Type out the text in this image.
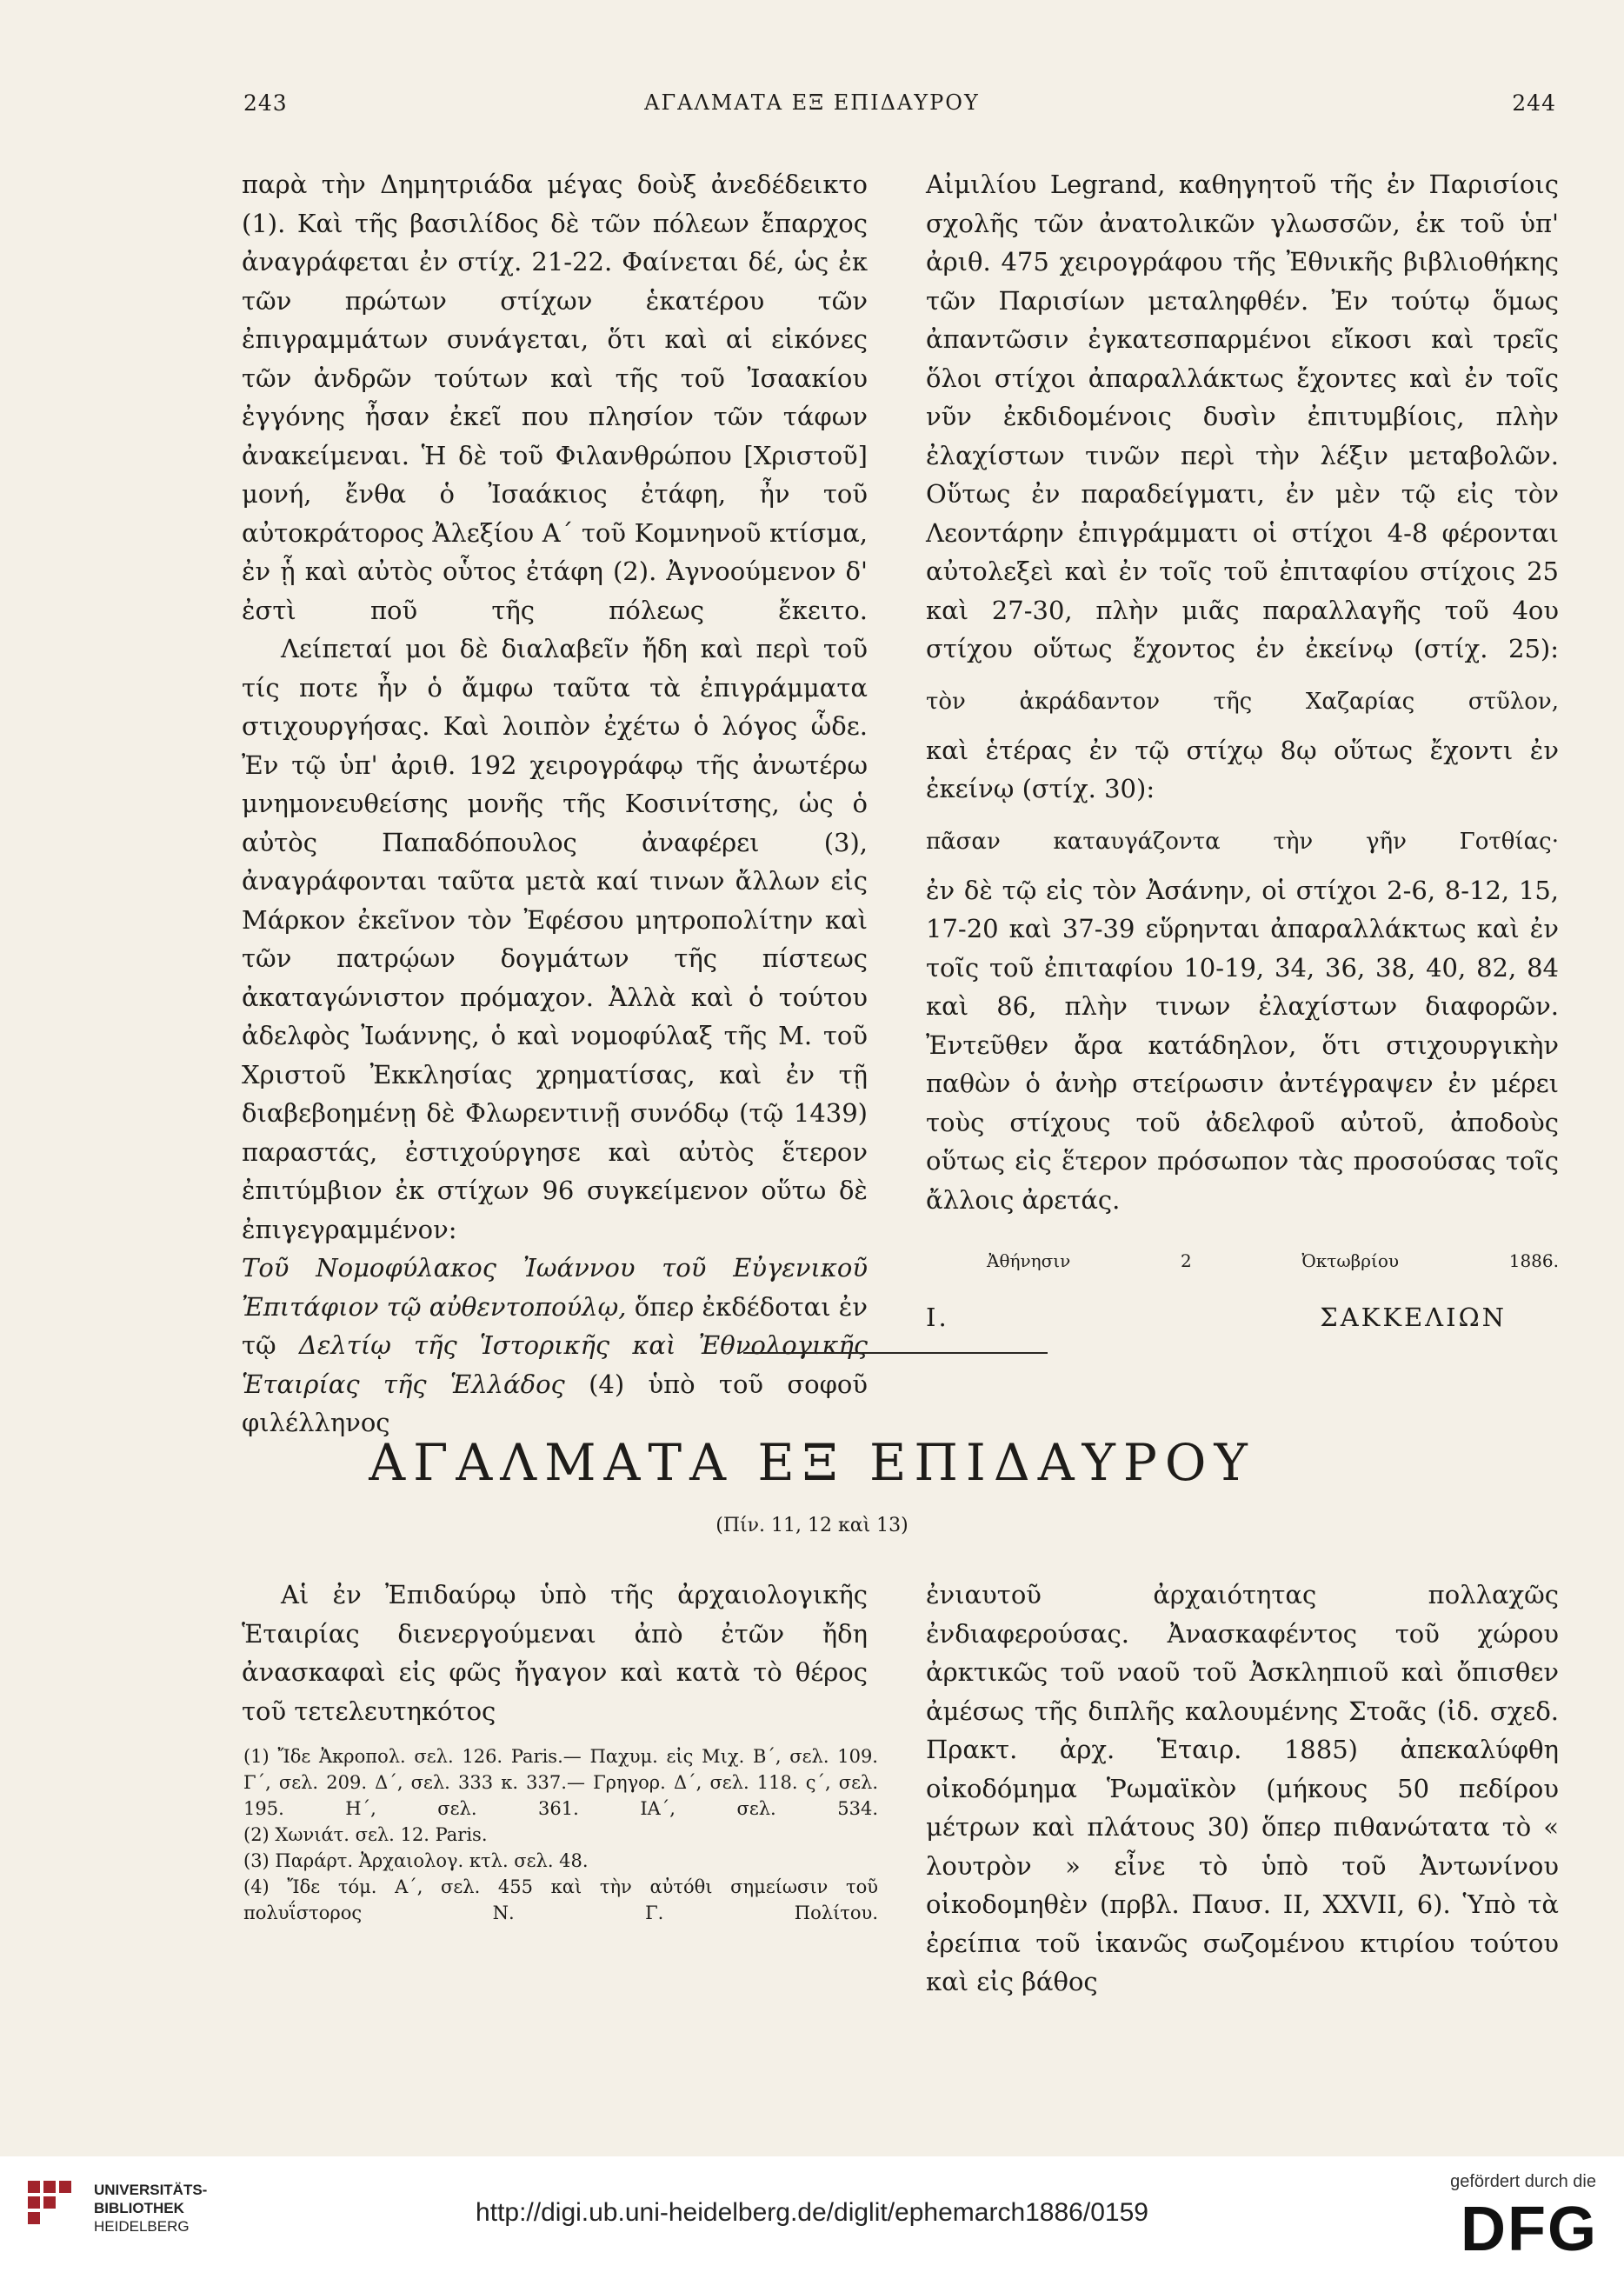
243	ΑΓΑΛΜΑΤΑ ΕΞ ΕΠΙΔΑΥΡΟΥ	244

παρὰ τὴν Δημητριάδα μέγας δοὺξ ἀνεδέδεικτο (1). Καὶ τῆς βασιλίδος δὲ τῶν πόλεων ἔπαρχος ἀναγράφεται ἐν στίχ. 21-22. Φαίνεται δέ, ὡς ἐκ τῶν πρώτων στίχων ἑκατέρου τῶν ἐπιγραμμάτων συνάγεται, ὅτι καὶ αἱ εἰκόνες τῶν ἀνδρῶν τούτων καὶ τῆς τοῦ Ἰσαακίου ἐγγόνης ἦσαν ἐκεῖ που πλησίον τῶν τάφων ἀνακείμεναι. Ἡ δὲ τοῦ Φιλανθρώπου [Χριστοῦ] μονή, ἔνθα ὁ Ἰσαάκιος ἐτάφη, ἦν τοῦ αὐτοκράτορος Ἀλεξίου Α΄ τοῦ Κομνηνοῦ κτίσμα, ἐν ᾗ καὶ αὐτὸς οὗτος ἐτάφη (2). Ἀγνοούμενον δ' ἐστὶ ποῦ τῆς πόλεως ἔκειτο.

Λείπεταί μοι δὲ διαλαβεῖν ἤδη καὶ περὶ τοῦ τίς ποτε ἦν ὁ ἄμφω ταῦτα τὰ ἐπιγράμματα στιχουργήσας. Καὶ λοιπὸν ἐχέτω ὁ λόγος ὧδε. Ἐν τῷ ὑπ' ἀριθ. 192 χειρογράφῳ τῆς ἀνωτέρω μνημονευθείσης μονῆς τῆς Κοσινίτσης, ὡς ὁ αὐτὸς Παπαδόπουλος ἀναφέρει (3), ἀναγράφονται ταῦτα μετὰ καί τινων ἄλλων εἰς Μάρκον ἐκεῖνον τὸν Ἐφέσου μητροπολίτην καὶ τῶν πατρῴων δογμάτων τῆς πίστεως ἀκαταγώνιστον πρόμαχον. Ἀλλὰ καὶ ὁ τούτου ἀδελφὸς Ἰωάννης, ὁ καὶ νομοφύλαξ τῆς Μ. τοῦ Χριστοῦ Ἐκκλησίας χρηματίσας, καὶ ἐν τῇ διαβεβοημένῃ δὲ Φλωρεντινῇ συνόδῳ (τῷ 1439) παραστάς, ἐστιχούργησε καὶ αὐτὸς ἕτερον ἐπιτύμβιον ἐκ στίχων 96 συγκείμενον οὕτω δὲ ἐπιγεγραμμένον:

Τοῦ Νομοφύλακος Ἰωάννου τοῦ Εὐγενικοῦ Ἐπιτάφιον τῷ αὐθεντοπούλῳ, ὅπερ ἐκδέδοται ἐν τῷ Δελτίῳ τῆς Ἱστορικῆς καὶ Ἐθνολογικῆς Ἑταιρίας τῆς Ἑλλάδος (4) ὑπὸ τοῦ σοφοῦ φιλέλληνος

Αἰμιλίου Legrand, καθηγητοῦ τῆς ἐν Παρισίοις σχολῆς τῶν ἀνατολικῶν γλωσσῶν, ἐκ τοῦ ὑπ' ἀριθ. 475 χειρογράφου τῆς Ἐθνικῆς βιβλιοθήκης τῶν Παρισίων μεταληφθέν. Ἐν τούτῳ ὅμως ἀπαντῶσιν ἐγκατεσπαρμένοι εἴκοσι καὶ τρεῖς ὅλοι στίχοι ἀπαραλλάκτως ἔχοντες καὶ ἐν τοῖς νῦν ἐκδιδομένοις δυσὶν ἐπιτυμβίοις, πλὴν ἐλαχίστων τινῶν περὶ τὴν λέξιν μεταβολῶν. Οὕτως ἐν παραδείγματι, ἐν μὲν τῷ εἰς τὸν Λεοντάρην ἐπιγράμματι οἱ στίχοι 4-8 φέρονται αὐτολεξεὶ καὶ ἐν τοῖς τοῦ ἐπιταφίου στίχοις 25 καὶ 27-30, πλὴν μιᾶς παραλλαγῆς τοῦ 4ου στίχου οὕτως ἔχοντος ἐν ἐκείνῳ (στίχ. 25):

τὸν ἀκράδαντον τῆς Χαζαρίας στῦλον,

καὶ ἑτέρας ἐν τῷ στίχῳ 8ῳ οὕτως ἔχοντι ἐν ἐκείνῳ (στίχ. 30):

πᾶσαν καταυγάζοντα τὴν γῆν Γοτθίας·

ἐν δὲ τῷ εἰς τὸν Ἀσάνην, οἱ στίχοι 2-6, 8-12, 15, 17-20 καὶ 37-39 εὕρηνται ἀπαραλλάκτως καὶ ἐν τοῖς τοῦ ἐπιταφίου 10-19, 34, 36, 38, 40, 82, 84 καὶ 86, πλὴν τινων ἐλαχίστων διαφορῶν. Ἐντεῦθεν ἄρα κατάδηλον, ὅτι στιχουργικὴν παθὼν ὁ ἀνὴρ στείρωσιν ἀντέγραψεν ἐν μέρει τοὺς στίχους τοῦ ἀδελφοῦ αὐτοῦ, ἀποδοὺς οὕτως εἰς ἕτερον πρόσωπον τὰς προσούσας τοῖς ἄλλοις ἀρετάς.

Ἀθήνησιν 2 Ὀκτωβρίου 1886.

Ι. ΣΑΚΚΕΛΙΩΝ

ΑΓΑΛΜΑΤΑ ΕΞ ΕΠΙΔΑΥΡΟΥ
(Πίν. 11, 12 καὶ 13)

Αἱ ἐν Ἐπιδαύρῳ ὑπὸ τῆς ἀρχαιολογικῆς Ἑταιρίας διενεργούμεναι ἀπὸ ἐτῶν ἤδη ἀνασκαφαὶ εἰς φῶς ἤγαγον καὶ κατὰ τὸ θέρος τοῦ τετελευτηκότος

ἐνιαυτοῦ ἀρχαιότητας πολλαχῶς ἐνδιαφερούσας. Ἀνασκαφέντος τοῦ χώρου ἀρκτικῶς τοῦ ναοῦ τοῦ Ἀσκληπιοῦ καὶ ὄπισθεν ἀμέσως τῆς διπλῆς καλουμένης Στοᾶς (ἰδ. σχεδ. Πρακτ. ἀρχ. Ἑταιρ. 1885) ἀπεκαλύφθη οἰκοδόμημα Ῥωμαϊκὸν (μήκους 50 πεδίρου μέτρων καὶ πλάτους 30) ὅπερ πιθανώτατα τὸ « λουτρὸν » εἶνε τὸ ὑπὸ τοῦ Ἀντωνίνου οἰκοδομηθὲν (πρβλ. Παυσ. II, XXVII, 6). Ὑπὸ τὰ ἐρείπια τοῦ ἱκανῶς σωζομένου κτιρίου τούτου καὶ εἰς βάθος

(1) Ἴδε Ἀκροπολ. σελ. 126. Paris.— Παχυμ. εἰς Μιχ. Β΄, σελ. 109. Γ΄, σελ. 209. Δ΄, σελ. 333 κ. 337.— Γρηγορ. Δ΄, σελ. 118. ς΄, σελ. 195. Η΄, σελ. 361. ΙΑ΄, σελ. 534.

(2) Χωνιάτ. σελ. 12. Paris.

(3) Παράρτ. Ἀρχαιολογ. κτλ. σελ. 48.

(4) Ἴδε τόμ. Α΄, σελ. 455 καὶ τὴν αὐτόθι σημείωσιν τοῦ πολυΐστορος Ν. Γ. Πολίτου.

UNIVERSITÄTS-
BIBLIOTHEK
HEIDELBERG	http://digi.ub.uni-heidelberg.de/diglit/ephemarch1886/0159
gefördert durch die
DFG
